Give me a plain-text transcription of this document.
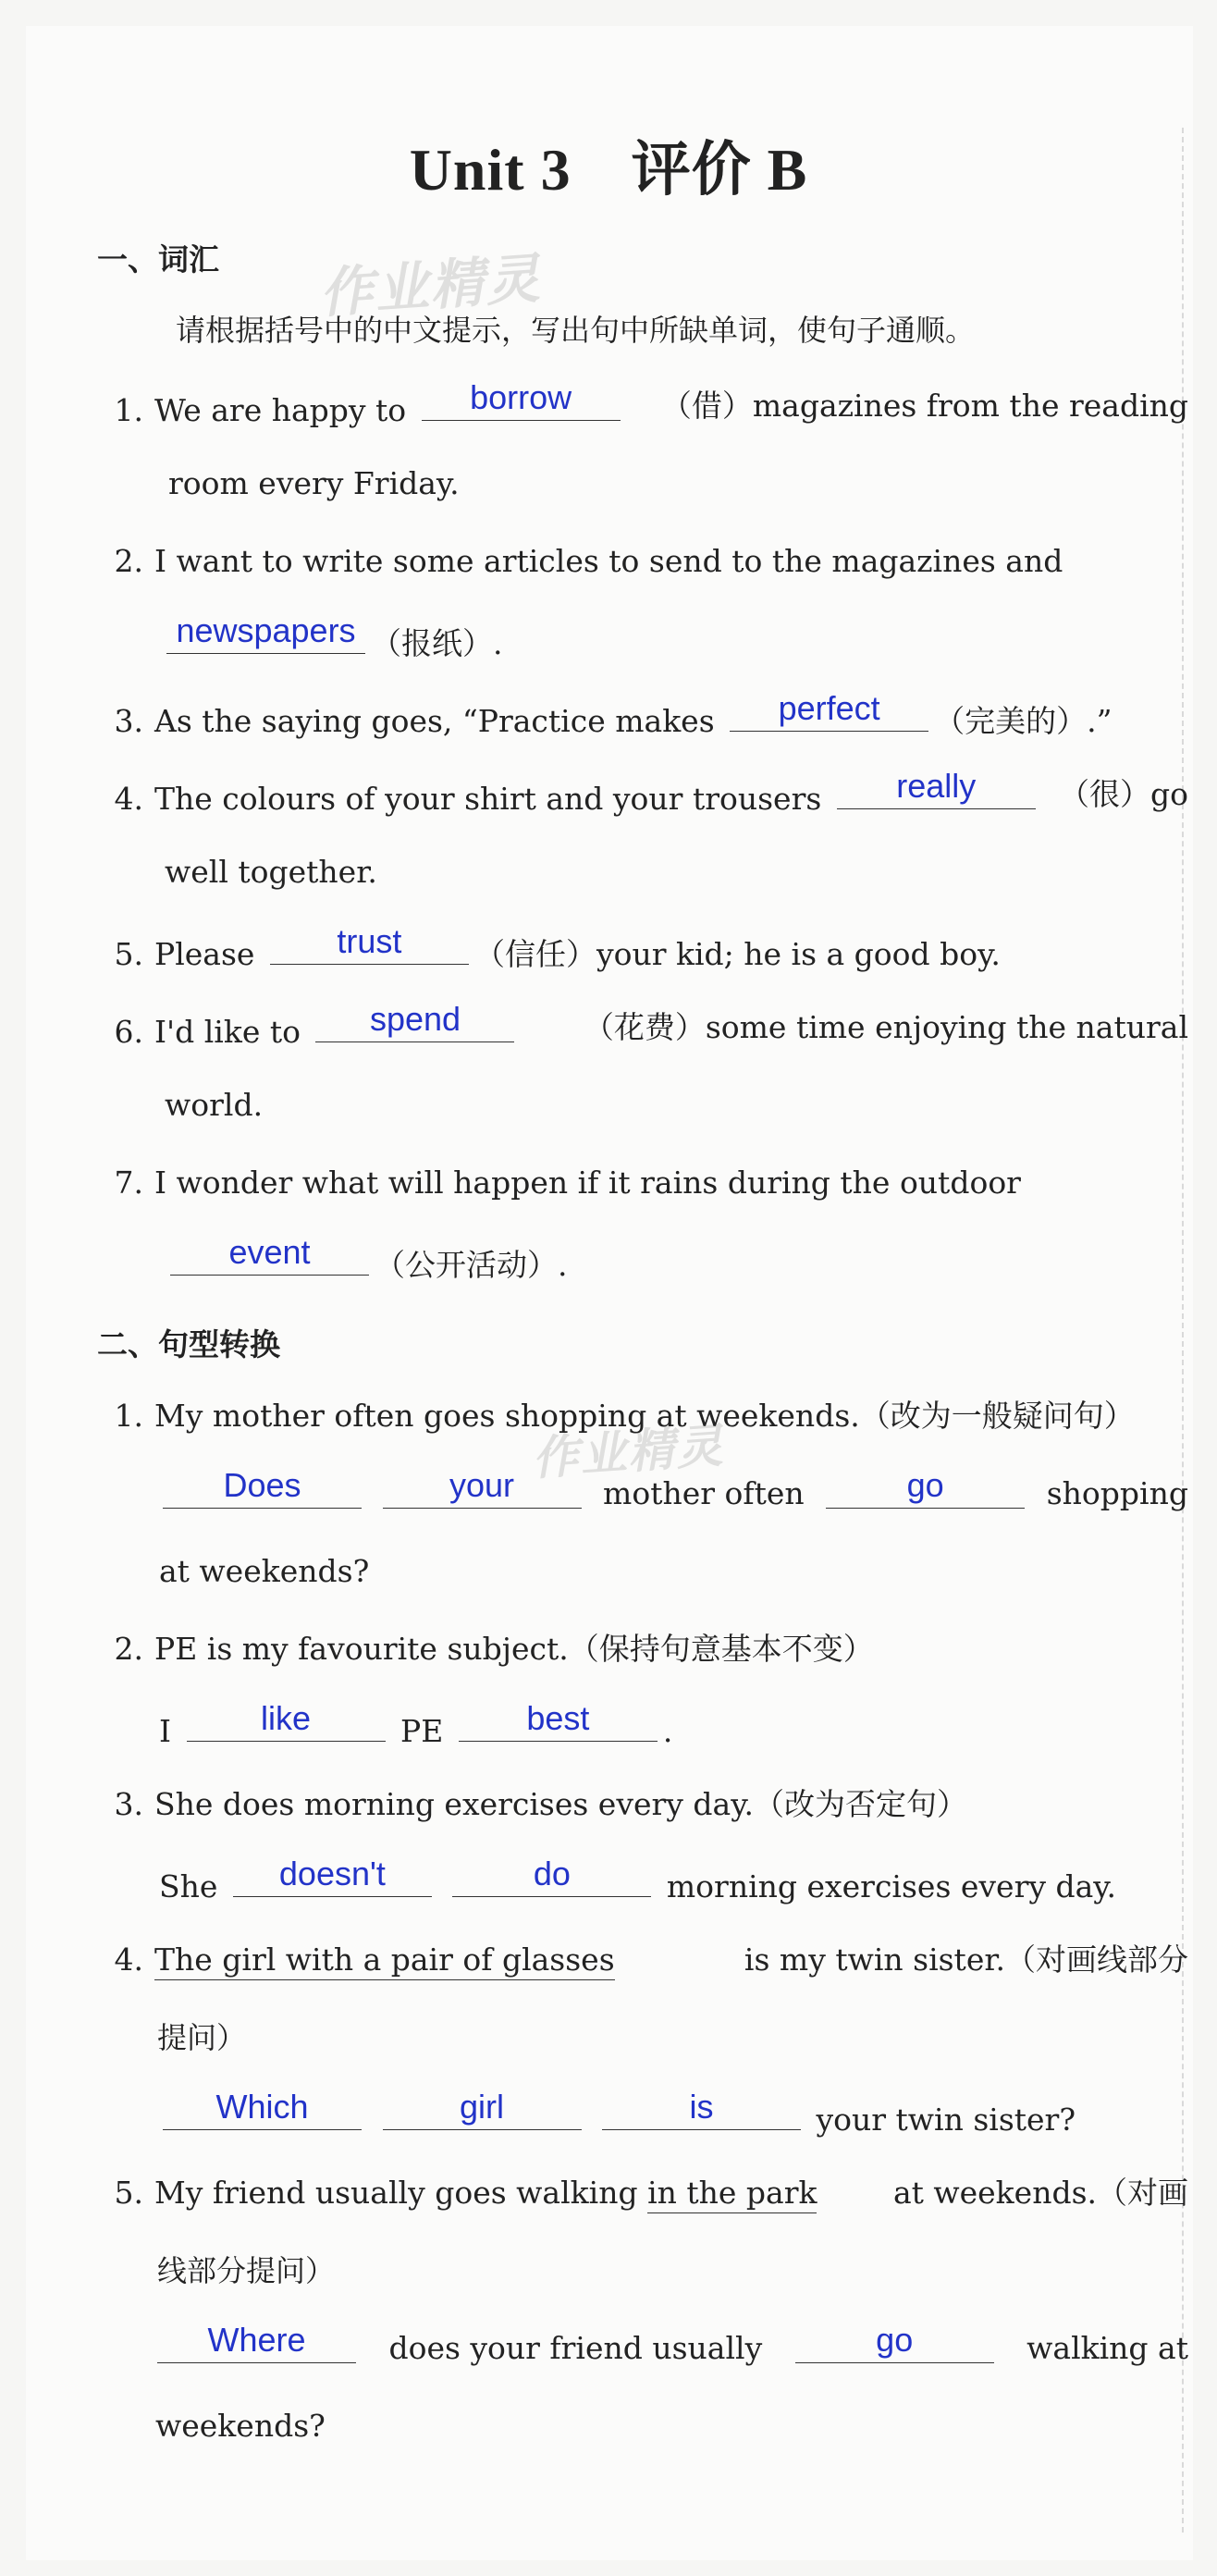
作业精灵
作业精灵
Unit 3　评价 B
一、词汇
请根据括号中的中文提示，写出句中所缺单词，使句子通顺。
1. We are happy to	borrow	（借）magazines from the reading
room every Friday.
2. I want to write some articles to send to the magazines and
newspapers （报纸）.
3. As the saying goes, “Practice makes	perfect	（完美的）.”
4. The colours of your shirt and your trousers	really	（很）go
well together.
5. Please	trust	（信任）your kid; he is a good boy.
6. I'd like to	spend	（花费）some time enjoying the natural
world.
7. I wonder what will happen if it rains during the outdoor
event	（公开活动）.
二、句型转换
1. My mother often goes shopping at weekends.（改为一般疑问句）
Does
	your	mother often	go	shopping
at weekends?
2. PE is my favourite subject.（保持句意基本不变）
I	like	PE	best	.
3. She does morning exercises every day.（改为否定句）
She	doesn't
	do	morning exercises every day.
4. The girl with a pair of glasses	is my twin sister.（对画线部分
提问）
Which
	girl
	is	your twin sister?
5. My friend usually goes walking in the park at weekends.（对画
线部分提问）
Where	does your friend usually	go	walking at
weekends?
